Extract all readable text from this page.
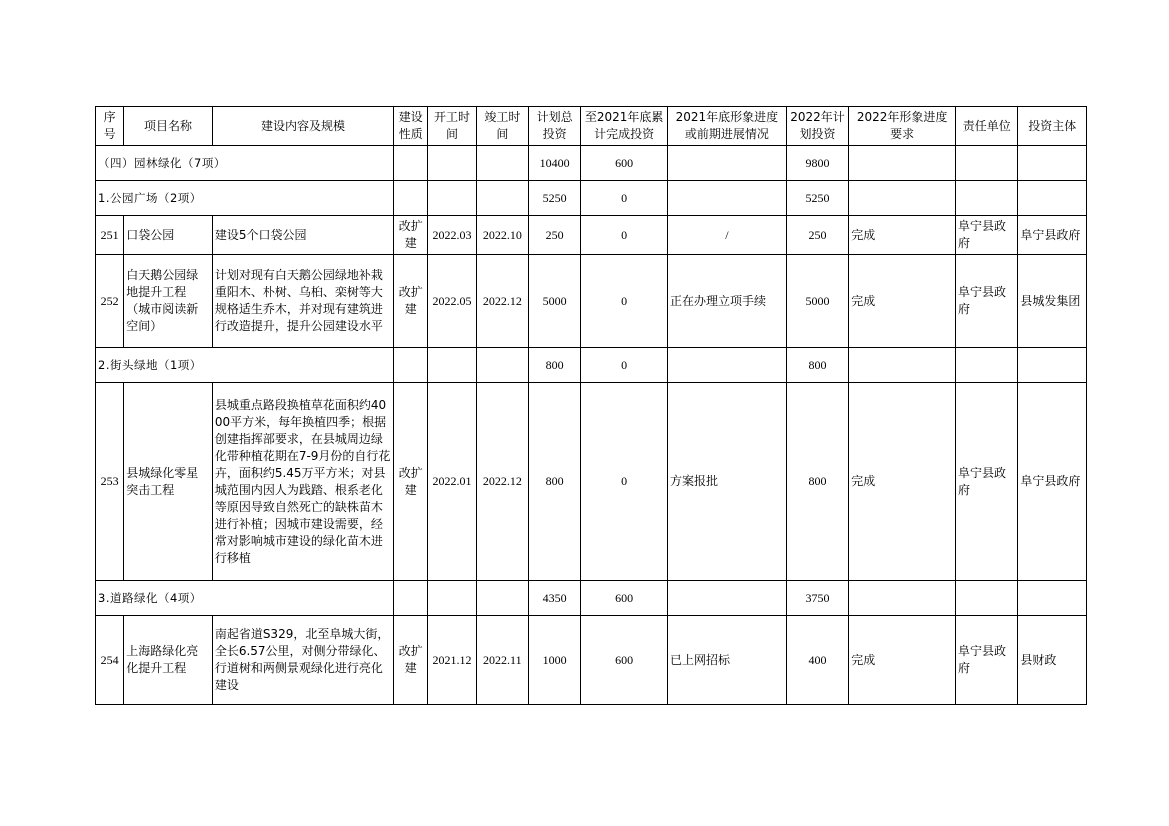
序号	项目名称	建设内容及规模	建设性质	开工时间	竣工时间	计划总投资	至2021年底累计完成投资	2021年底形象进度或前期进展情况	2022年计划投资	2022年形象进度要求	责任单位	投资主体
（四）园林绿化（7项）						10400	600		9800			
1.公园广场（2项）						5250	0		5250			
251	口袋公园	建设5个口袋公园	改扩建	2022.03	2022.10	250	0	/	250	完成	阜宁县政府	阜宁县政府
252	白天鹅公园绿地提升工程（城市阅读新空间）	计划对现有白天鹅公园绿地补栽重阳木、朴树、乌桕、栾树等大规格适生乔木，并对现有建筑进行改造提升，提升公园建设水平	改扩建	2022.05	2022.12	5000	0	正在办理立项手续	5000	完成	阜宁县政府	县城发集团
2.街头绿地（1项）						800	0		800			
253	县城绿化零星突击工程	县城重点路段换植草花面积约4000平方米，每年换植四季；根据创建指挥部要求，在县城周边绿化带种植花期在7-9月份的自行花卉，面积约5.45万平方米；对县城范围内因人为践踏、根系老化等原因导致自然死亡的缺株苗木进行补植；因城市建设需要，经常对影响城市建设的绿化苗木进行移植	改扩建	2022.01	2022.12	800	0	方案报批	800	完成	阜宁县政府	阜宁县政府
3.道路绿化（4项）						4350	600		3750			
254	上海路绿化亮化提升工程	南起省道S329，北至阜城大街，全长6.57公里，对侧分带绿化、行道树和两侧景观绿化进行亮化建设	改扩建	2021.12	2022.11	1000	600	已上网招标	400	完成	阜宁县政府	县财政
